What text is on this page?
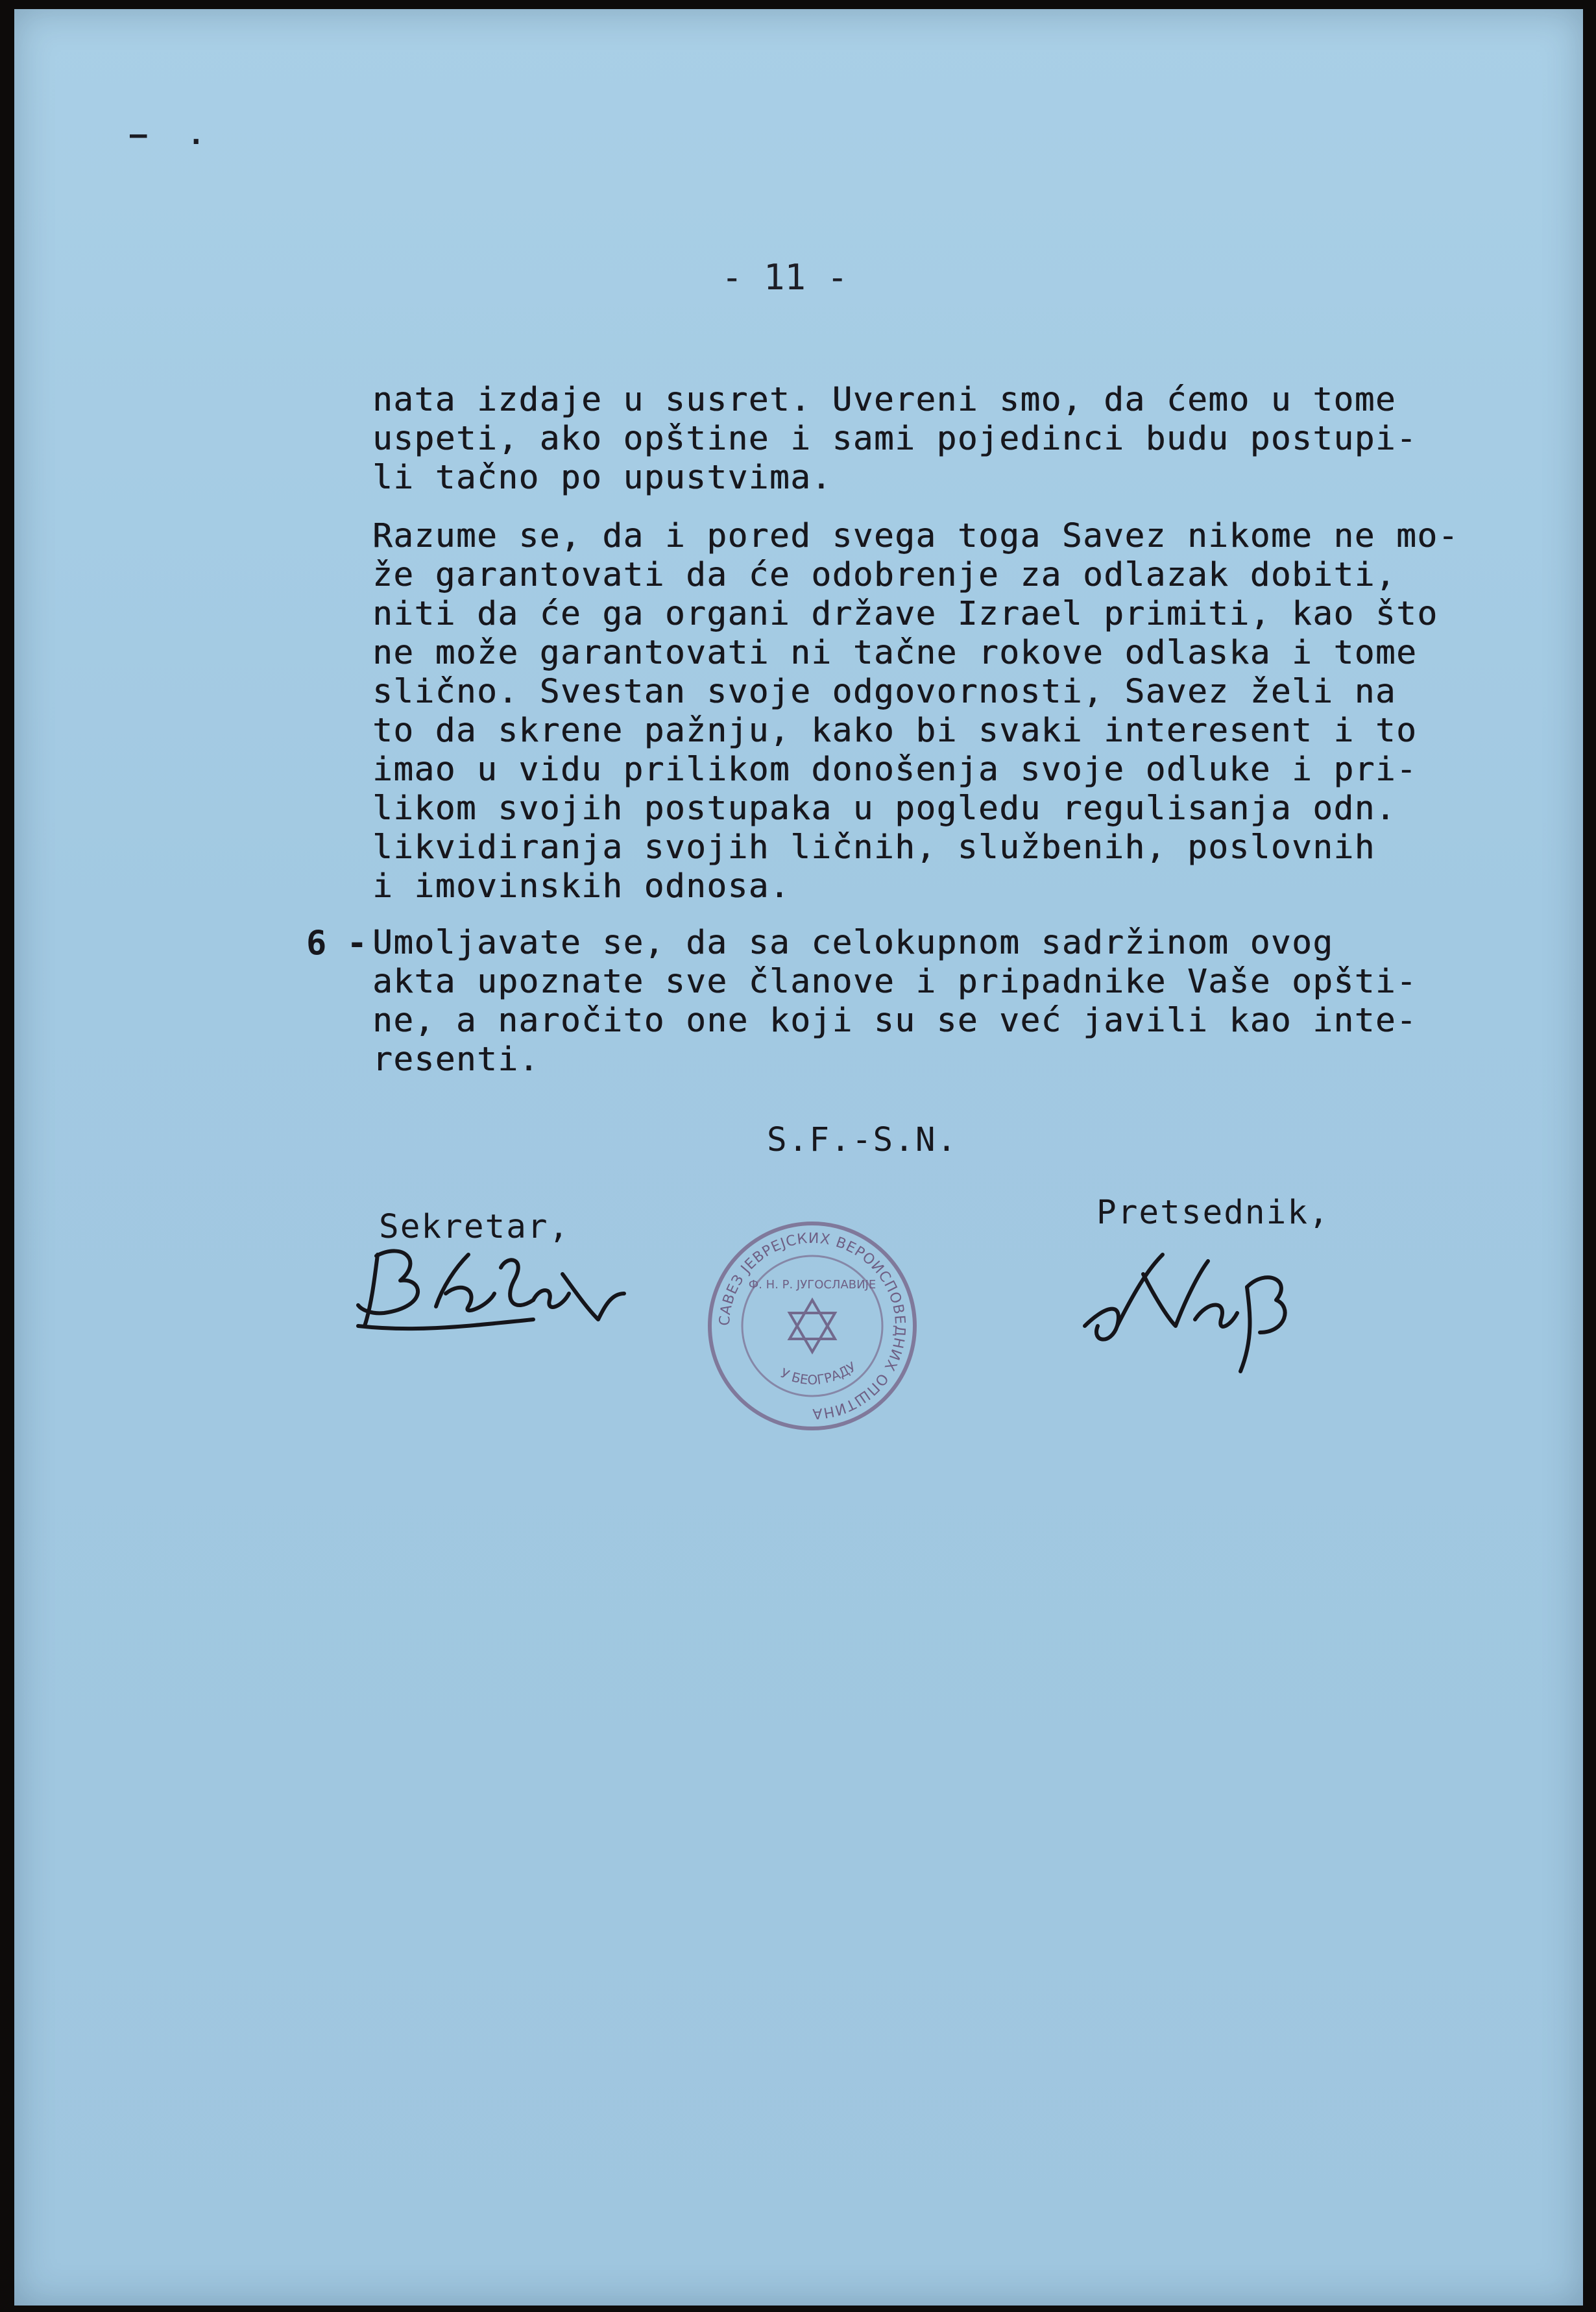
— .
- 11 -
nata izdaje u susret. Uvereni smo, da ćemo u tome
uspeti, ako opštine i sami pojedinci budu postupi-
li tačno po upustvima.
Razume se, da i pored svega toga Savez nikome ne mo-
že garantovati da će odobrenje za odlazak dobiti,
niti da će ga organi države Izrael primiti, kao što
ne može garantovati ni tačne rokove odlaska i tome
slično. Svestan svoje odgovornosti, Savez želi na
to da skrene pažnju, kako bi svaki interesent i to
imao u vidu prilikom donošenja svoje odluke i pri-
likom svojih postupaka u pogledu regulisanja odn.
likvidiranja svojih ličnih, službenih, poslovnih
i imovinskih odnosa.
6 - Umoljavate se, da sa celokupnom sadržinom ovog
akta upoznate sve članove i pripadnike Vaše opšti-
ne, a naročito one koji su se već javili kao inte-
resenti.
S.F.-S.N.
Sekretar,	Pretsednik,
САВЕЗ ЈЕВРЕЈСКИХ ВЕРОИСПОВЕДНИХ ОПШТИНА
Ф. Н. Р. ЈУГОСЛАВИЈЕ
У БЕОГРАДУ
